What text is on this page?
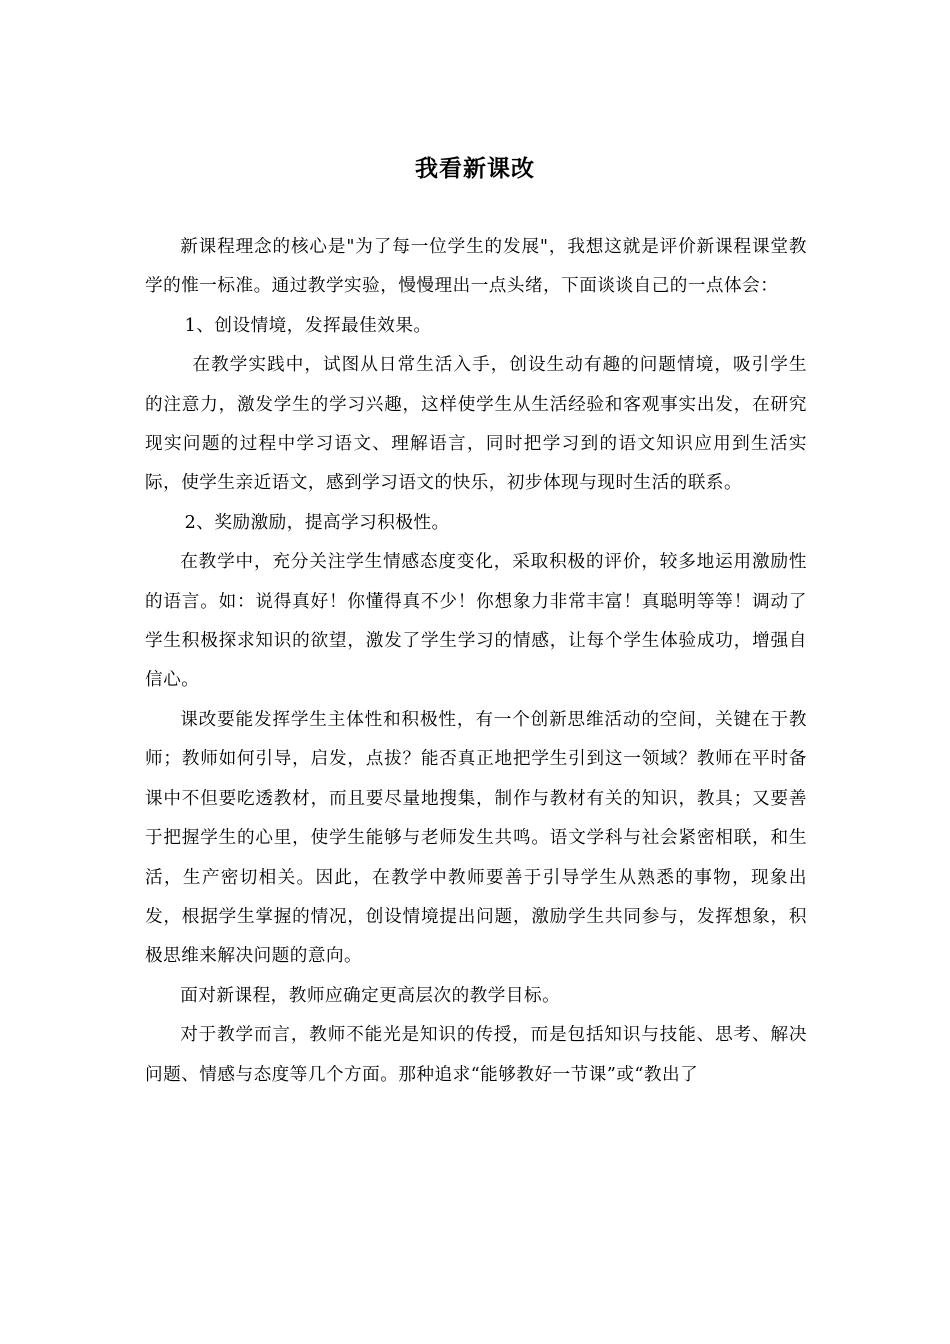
我看新课改

新课程理念的核心是"为了每一位学生的发展"，我想这就是评价新课程课堂教学的惟一标准。通过教学实验，慢慢理出一点头绪，下面谈谈自己的一点体会：

1、创设情境，发挥最佳效果。

在教学实践中，试图从日常生活入手，创设生动有趣的问题情境，吸引学生的注意力，激发学生的学习兴趣，这样使学生从生活经验和客观事实出发，在研究现实问题的过程中学习语文、理解语言，同时把学习到的语文知识应用到生活实际，使学生亲近语文，感到学习语文的快乐，初步体现与现时生活的联系。

2、奖励激励，提高学习积极性。

在教学中，充分关注学生情感态度变化，采取积极的评价，较多地运用激励性的语言。如：说得真好！你懂得真不少！你想象力非常丰富！真聪明等等！调动了学生积极探求知识的欲望，激发了学生学习的情感，让每个学生体验成功，增强自信心。

课改要能发挥学生主体性和积极性，有一个创新思维活动的空间，关键在于教师；教师如何引导，启发，点拔？能否真正地把学生引到这一领域？教师在平时备课中不但要吃透教材，而且要尽量地搜集，制作与教材有关的知识，教具；又要善于把握学生的心里，使学生能够与老师发生共鸣。语文学科与社会紧密相联，和生活，生产密切相关。因此，在教学中教师要善于引导学生从熟悉的事物，现象出发，根据学生掌握的情况，创设情境提出问题，激励学生共同参与，发挥想象，积极思维来解决问题的意向。

面对新课程，教师应确定更高层次的教学目标。

对于教学而言，教师不能光是知识的传授，而是包括知识与技能、思考、解决问题、情感与态度等几个方面。那种追求“能够教好一节课”或“教出了
